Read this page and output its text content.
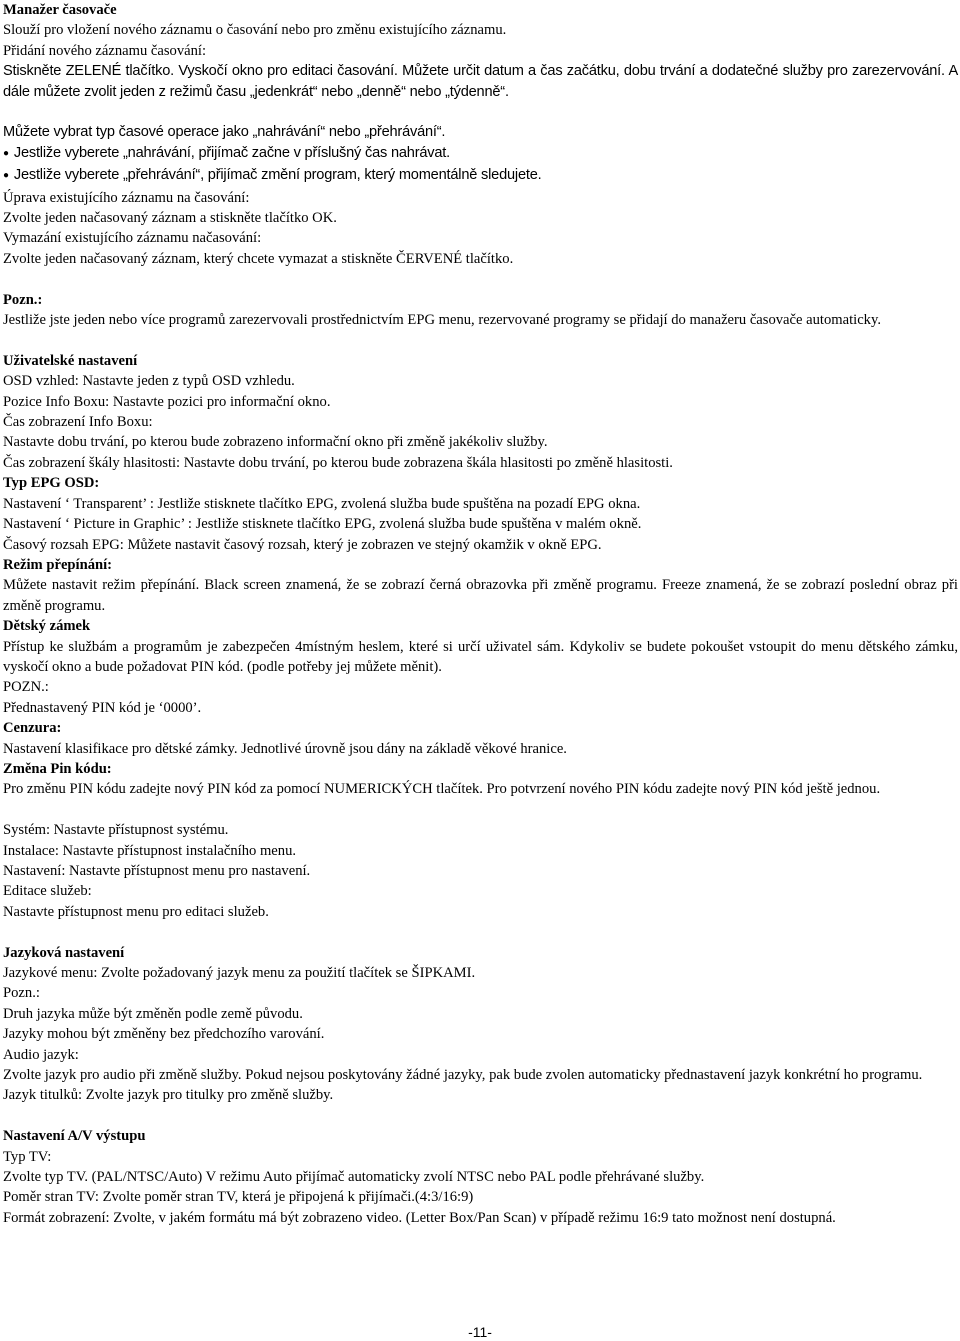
Manažer časovače
Slouží pro vložení nového záznamu o časování nebo pro změnu existujícího záznamu.
Přidání nového záznamu časování:
Stiskněte ZELENÉ tlačítko. Vyskočí okno pro editaci časování. Můžete určit datum a čas začátku, dobu trvání a dodatečné služby pro zarezervování. A dále můžete zvolit jeden z režimů času „jedenkrát“ nebo „denně“ nebo „týdenně“.
Můžete vybrat typ časové operace jako „nahrávání“ nebo „přehrávání“.
● Jestliže vyberete „nahrávání, přijímač začne v příslušný čas nahrávat.
● Jestliže vyberete „přehrávání“, přijímač změní program, který momentálně sledujete.
Úprava existujícího záznamu na časování:
Zvolte jeden načasovaný záznam a stiskněte tlačítko OK.
Vymazání existujícího záznamu načasování:
Zvolte jeden načasovaný záznam, který chcete vymazat a stiskněte ČERVENÉ tlačítko.
Pozn.:
Jestliže jste jeden nebo více programů zarezervovali prostřednictvím EPG menu, rezervované programy se přidají do manažeru časovače automaticky.
Uživatelské nastavení
OSD vzhled: Nastavte jeden z typů OSD vzhledu.
Pozice Info Boxu: Nastavte pozici pro informační okno.
Čas zobrazení Info Boxu:
Nastavte dobu trvání, po kterou bude zobrazeno informační okno při změně jakékoliv služby.
Čas zobrazení škály hlasitosti: Nastavte dobu trvání, po kterou bude zobrazena škála hlasitosti po změně hlasitosti.
Typ EPG OSD:
Nastavení ‘ Transparent’ : Jestliže stisknete tlačítko EPG, zvolená služba bude spuštěna na pozadí EPG okna.
Nastavení ‘ Picture in Graphic’ : Jestliže stisknete tlačítko EPG, zvolená služba bude spuštěna v malém okně.
Časový rozsah EPG: Můžete nastavit časový rozsah, který je zobrazen ve stejný okamžik v okně EPG.
Režim přepínání:
Můžete nastavit režim přepínání. Black screen znamená, že se zobrazí černá obrazovka při změně programu. Freeze znamená, že se zobrazí poslední obraz při změně programu.
Dětský zámek
Přístup ke službám a programům je zabezpečen 4místným heslem, které si určí uživatel sám. Kdykoliv se budete pokoušet vstoupit do menu dětského zámku, vyskočí okno a bude požadovat PIN kód. (podle potřeby jej můžete měnit).
POZN.:
Přednastavený PIN kód je ‘0000’.
Cenzura:
Nastavení klasifikace pro dětské zámky. Jednotlivé úrovně jsou dány na základě věkové hranice.
Změna Pin kódu:
Pro změnu PIN kódu zadejte nový PIN kód za pomocí NUMERICKÝCH tlačítek. Pro potvrzení nového PIN kódu zadejte nový PIN kód ještě jednou.
Systém: Nastavte přístupnost systému.
Instalace: Nastavte přístupnost instalačního menu.
Nastavení: Nastavte přístupnost menu pro nastavení.
Editace služeb:
Nastavte přístupnost menu pro editaci služeb.
Jazyková nastavení
Jazykové menu: Zvolte požadovaný jazyk menu za použití tlačítek se ŠIPKAMI.
Pozn.:
Druh jazyka může být změněn podle země původu.
Jazyky mohou být změněny bez předchozího varování.
Audio jazyk:
Zvolte jazyk pro audio při změně služby. Pokud nejsou poskytovány žádné jazyky, pak bude zvolen automaticky přednastavení jazyk konkrétní ho programu.
Jazyk titulků: Zvolte jazyk pro titulky pro změně služby.
Nastavení A/V výstupu
Typ TV:
Zvolte typ TV. (PAL/NTSC/Auto) V režimu Auto přijímač automaticky zvolí NTSC nebo PAL podle přehrávané služby.
Poměr stran TV: Zvolte poměr stran TV, která je připojená k přijímači.(4:3/16:9)
Formát zobrazení: Zvolte, v jakém formátu má být zobrazeno video. (Letter Box/Pan Scan) v případě režimu 16:9 tato možnost není dostupná.
-11-
